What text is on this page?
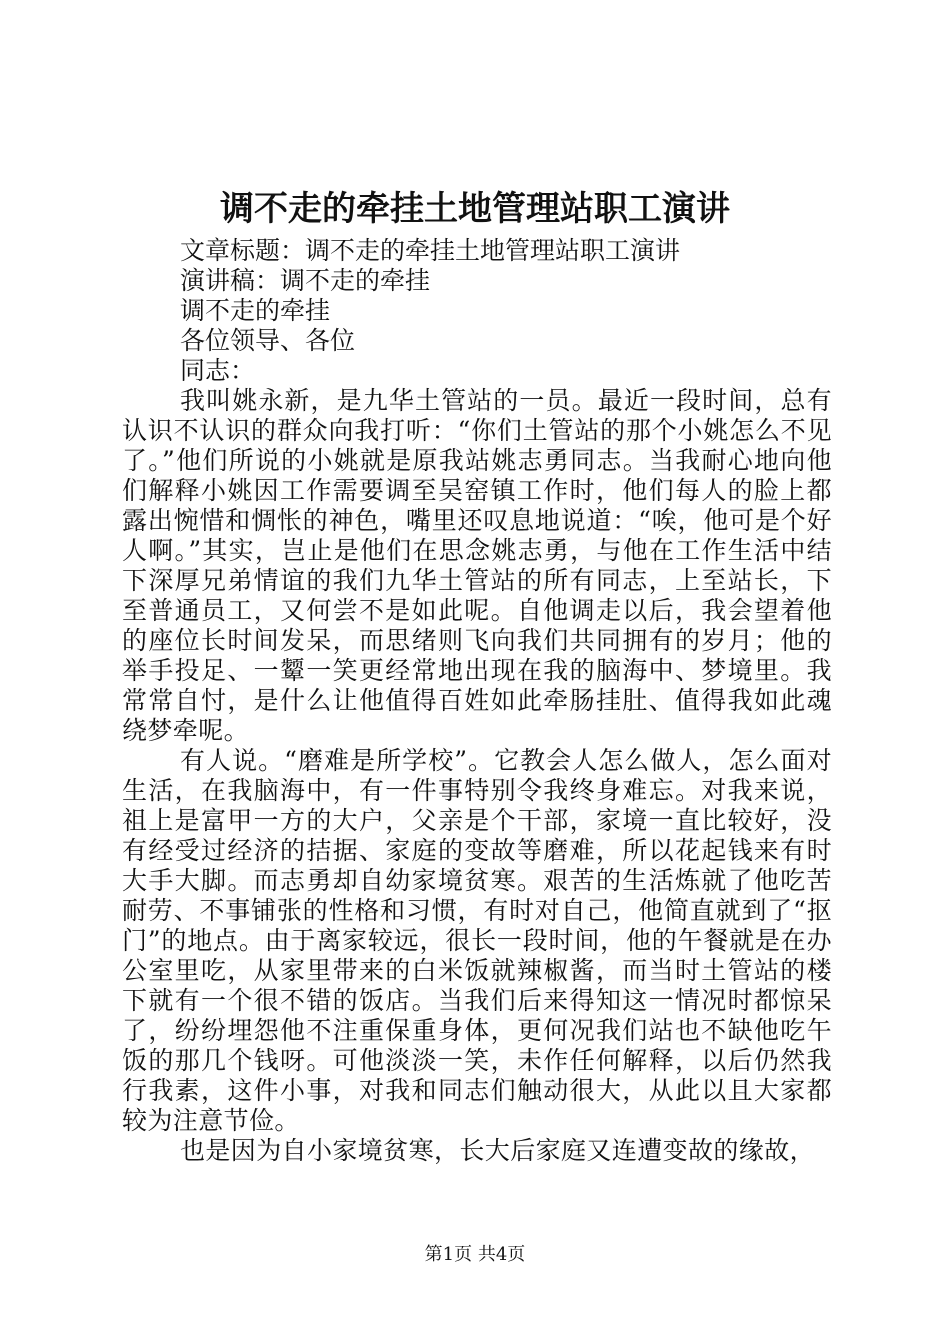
调不走的牵挂土地管理站职工演讲

文章标题：调不走的牵挂土地管理站职工演讲

演讲稿：调不走的牵挂

调不走的牵挂

各位领导、各位

同志：

我叫姚永新，是九华土管站的一员。最近一段时间，总有认识不认识的群众向我打听：“你们土管站的那个小姚怎么不见了。”他们所说的小姚就是原我站姚志勇同志。当我耐心地向他们解释小姚因工作需要调至吴窑镇工作时，他们每人的脸上都露出惋惜和惆怅的神色，嘴里还叹息地说道：“唉，他可是个好人啊。”其实，岂止是他们在思念姚志勇，与他在工作生活中结下深厚兄弟情谊的我们九华土管站的所有同志，上至站长，下至普通员工，又何尝不是如此呢。自他调走以后，我会望着他的座位长时间发呆，而思绪则飞向我们共同拥有的岁月；他的举手投足、一颦一笑更经常地出现在我的脑海中、梦境里。我常常自忖，是什么让他值得百姓如此牵肠挂肚、值得我如此魂绕梦牵呢。

有人说。“磨难是所学校”。它教会人怎么做人，怎么面对生活，在我脑海中，有一件事特别令我终身难忘。对我来说，祖上是富甲一方的大户，父亲是个干部，家境一直比较好，没有经受过经济的拮据、家庭的变故等磨难，所以花起钱来有时大手大脚。而志勇却自幼家境贫寒。艰苦的生活炼就了他吃苦耐劳、不事铺张的性格和习惯，有时对自己，他简直就到了“抠门”的地点。由于离家较远，很长一段时间，他的午餐就是在办公室里吃，从家里带来的白米饭就辣椒酱，而当时土管站的楼下就有一个很不错的饭店。当我们后来得知这一情况时都惊呆了，纷纷埋怨他不注重保重身体，更何况我们站也不缺他吃午饭的那几个钱呀。可他淡淡一笑，未作任何解释，以后仍然我行我素，这件小事，对我和同志们触动很大，从此以且大家都较为注意节俭。

也是因为自小家境贫寒，长大后家庭又连遭变故的缘故，

第1页 共4页
